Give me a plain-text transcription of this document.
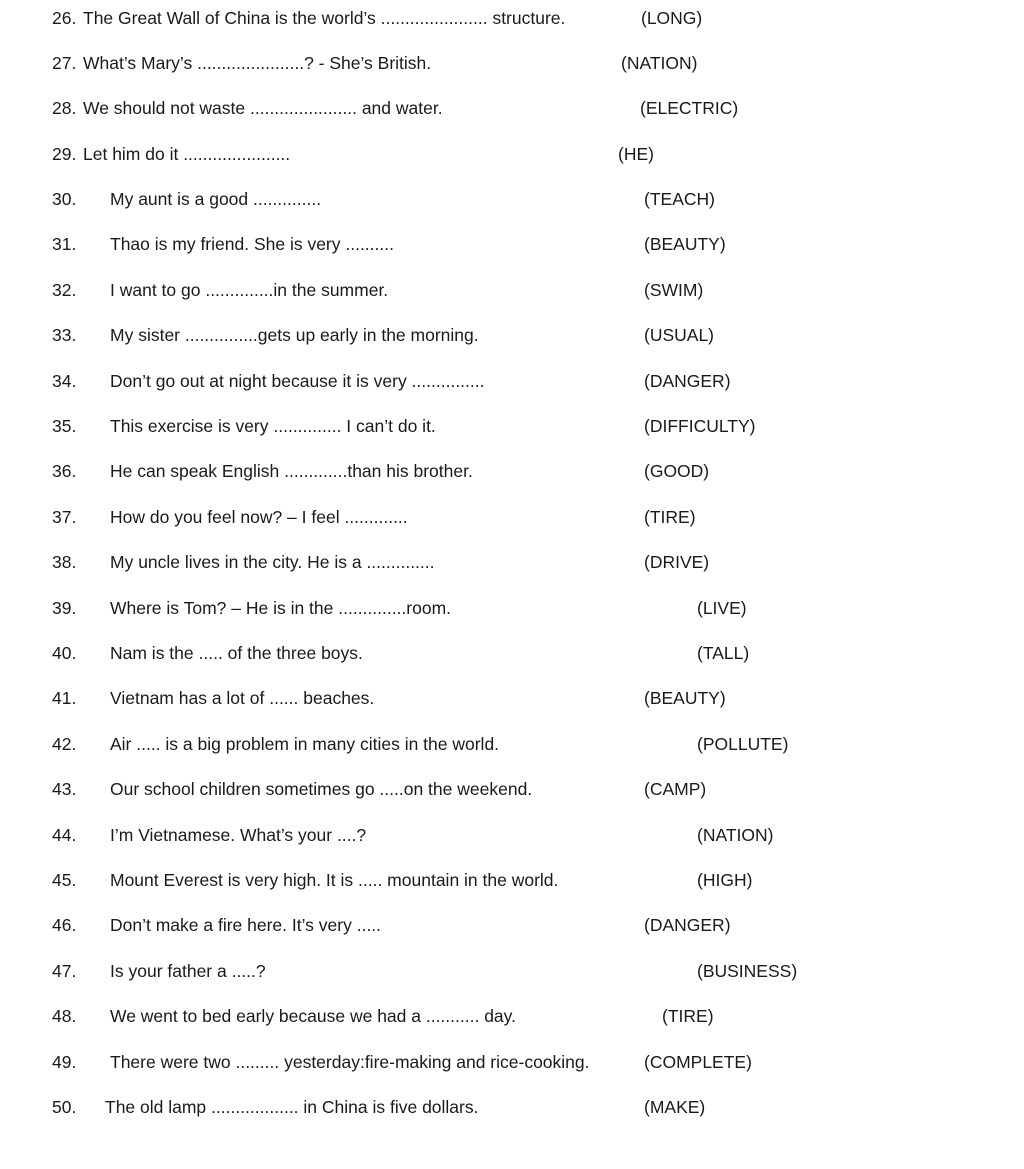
26. The Great Wall of China is the world’s ...................... structure.	(LONG)
27. What’s Mary’s ......................? - She’s British.	(NATION)
28. We should not waste ...................... and water.	(ELECTRIC)
29. Let him do it ......................	(HE)
30. My aunt is a good ..............	(TEACH)
31. Thao is my friend. She is very ..........	(BEAUTY)
32. I want to go ..............in the summer.	(SWIM)
33. My sister ...............gets up early in the morning.	(USUAL)
34. Don’t go out at night because it is very ...............	(DANGER)
35. This exercise is very .............. I can’t do it.	(DIFFICULTY)
36. He can speak English .............than his brother.	(GOOD)
37. How do you feel now? – I feel .............	(TIRE)
38. My uncle lives in the city. He is a ..............	(DRIVE)
39. Where is Tom? – He is in the ..............room.	(LIVE)
40. Nam is the ..... of the three boys.	(TALL)
41. Vietnam has a lot of ...... beaches.	(BEAUTY)
42. Air ..... is a big problem in many cities in the world.	(POLLUTE)
43. Our school children sometimes go .....on the weekend.	(CAMP)
44. I’m Vietnamese. What’s your ....?	(NATION)
45. Mount Everest is very high. It is ..... mountain in the world.	(HIGH)
46. Don’t make a fire here. It’s very .....	(DANGER)
47. Is your father a .....?	(BUSINESS)
48. We went to bed early because we had a ........... day.	(TIRE)
49. There were two ......... yesterday:fire-making and rice-cooking.	(COMPLETE)
50. The old lamp .................. in China is five dollars.	(MAKE)
